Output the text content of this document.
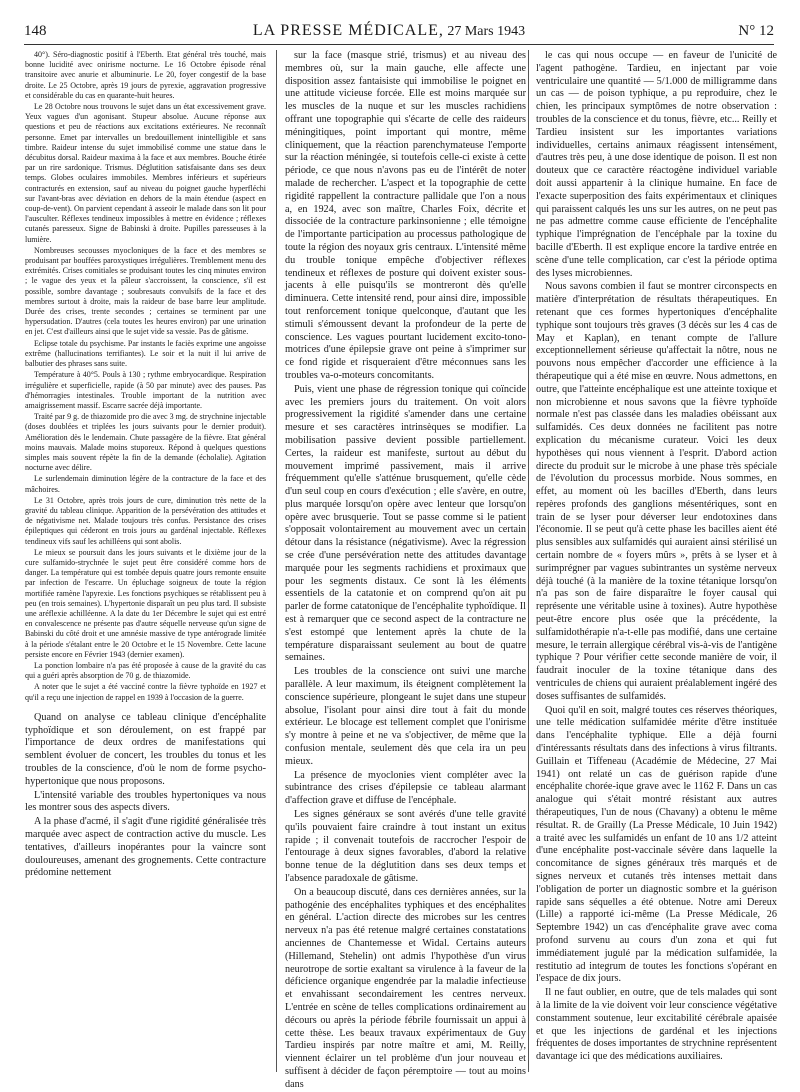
148	LA PRESSE MÉDICALE, 27 Mars 1943	N° 12

40°). Séro-diagnostic positif à l'Eberth. Etat général très touché, mais bonne lucidité avec onirisme nocturne. Le 16 Octobre épisode rénal transitoire avec anurie et albuminurie. Le 20, foyer congestif de la base droite. Le 25 Octobre, après 19 jours de pyrexie, aggravation progressive et considérable du cas en quarante-huit heures.

Le 28 Octobre nous trouvons le sujet dans un état excessivement grave. Yeux vagues d'un agonisant. Stupeur absolue. Aucune réponse aux questions et peu de réactions aux excitations extérieures. Ne reconnaît personne. Emet par intervalles un bredouillement inintelligible et sans timbre. Raideur intense du sujet immobilisé comme une statue dans le décubitus dorsal. Raideur maxima à la face et aux membres. Bouche étirée par un rire sardonique. Trismus. Déglutition satisfaisante dans ses deux temps. Globes oculaires immobiles. Membres inférieurs et supérieurs contracturés en extension, sauf au niveau du poignet gauche hyperfléchi sur l'avant-bras avec déviation en dehors de la main étendue (aspect en coup-de-vent). On parvient cependant à asseoir le malade dans son lit pour l'ausculter. Réflexes tendineux impossibles à mettre en évidence ; réflexes cutanés paresseux. Signe de Babinski à droite. Pupilles paresseuses à la lumière.

Nombreuses secousses myocloniques de la face et des membres se produisant par bouffées paroxystiques irrégulières. Tremblement menu des extrémités. Crises comitiales se produisant toutes les cinq minutes environ ; le vague des yeux et la pâleur s'accroissent, la conscience, s'il est possible, sombre davantage ; soubresauts convulsifs de la face et des membres surtout à droite, mais la raideur de base barre leur amplitude. Durée des crises, trente secondes ; certaines se terminent par une hypersudation. D'autres (cela toutes les heures environ) par une urination en jet. C'est d'ailleurs ainsi que le sujet vide sa vessie. Pas de gâtisme.

Eclipse totale du psychisme. Par instants le faciès exprime une angoisse extrême (hallucinations terrifiantes). Le soir et la nuit il lui arrive de balbutier des phrases sans suite.

Température à 40°5. Pouls à 130 ; rythme embryocardique. Respiration irrégulière et superficielle, rapide (à 50 par minute) avec des pauses. Pas d'hémorragies intestinales. Trouble important de la nutrition avec amaigrissement massif. Escarre sacrée déjà importante.

Traité par 9 g. de thiazomide pro die avec 3 mg. de strychnine injectable (doses doublées et triplées les jours suivants pour le dernier produit). Amélioration dès le lendemain. Chute passagère de la fièvre. Etat général moins mauvais. Malade moins stuporeux. Répond à quelques questions simples mais souvent répète la fin de la demande (écholalie). Agitation nocturne avec délire.

Le surlendemain diminution légère de la contracture de la face et des mâchoires.

Le 31 Octobre, après trois jours de cure, diminution très nette de la gravité du tableau clinique. Apparition de la persévération des attitudes et de négativisme net. Malade toujours très confus. Persistance des crises épileptiques qui céderont en trois jours au gardénal injectable. Réflexes tendineux vifs sauf les achilléens qui sont abolis.

Le mieux se poursuit dans les jours suivants et le dixième jour de la cure sulfamido-strychnée le sujet peut être considéré comme hors de danger. La température qui est tombée depuis quatre jours remonte ensuite par infection de l'escarre. Un épluchage soigneux de toute la région mortifiée ramène l'apyrexie. Les fonctions psychiques se rétablissent peu à peu (en trois semaines). L'hypertonie disparaît un peu plus tard. Il subsiste une aréflexie achilléenne. A la date du 1er Décembre le sujet qui est entré en convalescence ne présente pas d'autre séquelle nerveuse qu'un signe de Babinski du côté droit et une amnésie massive de type antérograde limitée à la période s'étalant entre le 20 Octobre et le 15 Novembre. Cette lacune persiste encore en Février 1943 (dernier examen).

La ponction lombaire n'a pas été proposée à cause de la gravité du cas qui a guéri après absorption de 70 g. de thiazomide.

A noter que le sujet a été vacciné contre la fièvre typhoïde en 1927 et qu'il a reçu une injection de rappel en 1939 à l'occasion de la guerre.

Quand on analyse ce tableau clinique d'encéphalite typhoïdique et son déroulement, on est frappé par l'importance de deux ordres de manifestations qui semblent évoluer de concert, les troubles du tonus et les troubles de la conscience, d'où le nom de forme psycho-hypertonique que nous proposons.

L'intensité variable des troubles hypertoniques va nous les montrer sous des aspects divers.

A la phase d'acmé, il s'agit d'une rigidité généralisée très marquée avec aspect de contraction active du muscle. Les tentatives, d'ailleurs inopérantes pour la vaincre sont douloureuses, amenant des grognements. Cette contracture prédomine nettement

sur la face (masque strié, trismus) et au niveau des membres où, sur la main gauche, elle affecte une disposition assez fantaisiste qui immobilise le poignet en une attitude vicieuse forcée. Elle est moins marquée sur les muscles de la nuque et sur les muscles rachidiens offrant une topographie qui s'écarte de celle des raideurs méningitiques, point important qui montre, même cliniquement, que la réaction parenchymateuse l'emporte sur la réaction méningée, si toutefois celle-ci existe à cette période, ce que nous n'avons pas eu de l'intérêt de noter malade de rechercher. L'aspect et la topographie de cette rigidité rappellent la contracture pallidale que l'on a nous a, en 1924, avec son maître, Charles Foix, décrite et dissociée de la contracture parkinsonienne ; elle témoigne de l'importante participation au processus pathologique de toute la région des noyaux gris centraux. L'intensité même du trouble tonique empêche d'objectiver réflexes tendineux et réflexes de posture qui doivent exister sous-jacents à elle puisqu'ils se montreront dès qu'elle diminuera. Cette intensité rend, pour ainsi dire, impossible tout renforcement tonique quelconque, d'autant que les stimuli s'émoussent devant la profondeur de la perte de conscience. Les vagues pourtant lucidement excito-tono-motrices d'une épilepsie grave ont peine à s'imprimer sur ce fond rigide et risqueraient d'être méconnues sans les troubles va-o-moteurs concomitants.

Puis, vient une phase de régression tonique qui coïncide avec les premiers jours du traitement. On voit alors progressivement la rigidité s'amender dans une certaine mesure et ses caractères intrinsèques se modifier. La mobilisation passive devient possible partiellement. Certes, la raideur est manifeste, surtout au début du mouvement imprimé passivement, mais il arrive fréquemment qu'elle s'atténue brusquement, qu'elle cède d'un seul coup en cours d'exécution ; elle s'avère, en outre, plus marquée lorsqu'on opère avec lenteur que lorsqu'on opère avec brusquerie. Tout se passe comme si le patient s'opposait volontairement au mouvement avec un certain détour dans la résistance (négativisme). Avec la régression se crée d'une persévération nette des attitudes davantage marquée pour les segments rachidiens et proximaux que pour les segments distaux. Ce sont là les éléments essentiels de la catatonie et on comprend qu'on ait pu parler de forme catatonique de l'encéphalite typhoïdique. Il est à remarquer que ce second aspect de la contracture ne s'est estompé que lentement après la chute de la température disparaissant seulement au bout de quatre semaines.

Les troubles de la conscience ont suivi une marche parallèle. A leur maximum, ils éteignent complètement la conscience supérieure, plongeant le sujet dans une stupeur absolue, l'isolant pour ainsi dire tout à fait du monde extérieur. Le blocage est tellement complet que l'onirisme s'y montre à peine et ne va s'objectiver, de même que la confusion mentale, seulement dès que cela ira un peu mieux.

La présence de myoclonies vient compléter avec la subintrance des crises d'épilepsie ce tableau alarmant d'affection grave et diffuse de l'encéphale.

Les signes généraux se sont avérés d'une telle gravité qu'ils pouvaient faire craindre à tout instant un exitus rapide ; il convenait toutefois de raccrocher l'espoir de l'entourage à deux signes favorables, d'abord la relative bonne tenue de la déglutition dans ses deux temps et l'absence paradoxale de gâtisme.

On a beaucoup discuté, dans ces dernières années, sur la pathogénie des encéphalites typhiques et des encéphalites en général. L'action directe des microbes sur les centres nerveux n'a pas été retenue malgré certaines constatations anciennes de Chantemesse et Widal. Certains auteurs (Hillemand, Stehelin) ont admis l'hypothèse d'un virus neurotrope de sortie exaltant sa virulence à la faveur de la déficience organique engendrée par la maladie infectieuse et envahissant secondairement les centres nerveux. L'entrée en scène de telles complications ordinairement au décours ou après la période fébrile fournissait un appui à cette thèse. Les beaux travaux expérimentaux de Guy Tardieu inspirés par notre maître et ami, M. Reilly, viennent éclairer un tel problème d'un jour nouveau et suffisent à décider de façon péremptoire — tout au moins dans

le cas qui nous occupe — en faveur de l'unicité de l'agent pathogène. Tardieu, en injectant par voie ventriculaire une quantité — 5/1.000 de milligramme dans un cas — de poison typhique, a pu reproduire, chez le chien, les principaux symptômes de notre observation : troubles de la conscience et du tonus, fièvre, etc... Reilly et Tardieu insistent sur les importantes variations individuelles, certains animaux réagissent intensément, d'autres très peu, à une dose identique de poison. Il est non douteux que ce caractère réactogène individuel variable doit aussi appartenir à la clinique humaine. En face de l'exacte superposition des faits expérimentaux et cliniques qui paraissent calqués les uns sur les autres, on ne peut pas ne pas admettre comme cause efficiente de l'encéphalite typhique l'imprégnation de l'encéphale par la toxine du bacille d'Eberth. Il est explique encore la tardive entrée en scène d'une telle complication, car c'est la période optima des lyses microbiennes.

Nous savons combien il faut se montrer circonspects en matière d'interprétation de résultats thérapeutiques. En retenant que ces formes hypertoniques d'encéphalite typhique sont toujours très graves (3 décès sur les 4 cas de May et Kaplan), en tenant compte de l'allure exceptionnellement sérieuse qu'affectait la nôtre, nous ne pouvons nous empêcher d'accorder une efficience à la thérapeutique qui a été mise en œuvre. Nous admettons, en outre, que l'atteinte encéphalique est une atteinte toxique et non microbienne et nous savons que la fièvre typhoïde normale n'est pas classée dans les maladies obéissant aux sulfamidés. Ces deux données ne facilitent pas notre explication du mécanisme curateur. Voici les deux hypothèses qui nous viennent à l'esprit. D'abord action directe du produit sur le microbe à une phase très spéciale de l'évolution du processus morbide. Nous sommes, en effet, au moment où les bacilles d'Eberth, dans leurs repères profonds des ganglions mésentériques, sont en train de se lyser pour déverser leur endotoxines dans l'économie. Il se peut qu'à cette phase les bacilles aient été plus sensibles aux sulfamidés qui auraient ainsi stérilisé un certain nombre de « foyers mûrs », prêts à se lyser et à surimprégner par vagues subintrantes un système nerveux déjà touché (à la manière de la toxine tétanique lorsqu'on n'a pas son de faire disparaître le foyer causal qui représente une véritable usine à toxines). Autre hypothèse peut-être encore plus osée que la précédente, la sulfamidothérapie n'a-t-elle pas modifié, dans une certaine mesure, le terrain allergique cérébral vis-à-vis de l'antigène typhique ? Pour vérifier cette seconde manière de voir, il faudrait inoculer de la toxine tétanique dans des ventricules de chiens qui auraient préalablement ingéré des doses suffisantes de sulfamidés.

Quoi qu'il en soit, malgré toutes ces réserves théoriques, une telle médication sulfamidée mérite d'être instituée dans l'encéphalite typhique. Elle a déjà fourni d'intéressants résultats dans des infections à virus filtrants. Guillain et Tiffeneau (Académie de Médecine, 27 Mai 1941) ont relaté un cas de guérison rapide d'une encéphalite chorée-ique grave avec le 1162 F. Dans un cas analogue qui s'était montré résistant aux autres thérapeutiques, l'un de nous (Chavany) a obtenu le même résultat. R. de Grailly (La Presse Médicale, 10 Juin 1942) a traité avec les sulfamidés un enfant de 10 ans 1/2 atteint d'une encéphalite post-vaccinale sévère dans laquelle la concomitance de signes généraux très marqués et de signes nerveux et cutanés très intenses mettait dans l'obligation de porter un diagnostic sombre et la guérison rapide sans séquelles a été obtenue. Notre ami Dereux (Lille) a rapporté ici-même (La Presse Médicale, 26 Septembre 1942) un cas d'encéphalite grave avec coma profond survenu au cours d'un zona et qui fut immédiatement jugulé par la médication sulfamidée, la restitutio ad integrum de toutes les fonctions s'opérant en l'espace de dix jours.

Il ne faut oublier, en outre, que de tels malades qui sont à la limite de la vie doivent voir leur conscience végétative constamment soutenue, leur excitabilité cérébrale apaisée et que les injections de gardénal et les injections fréquentes de doses importantes de strychnine représentent davantage ici que des médications auxiliaires.
